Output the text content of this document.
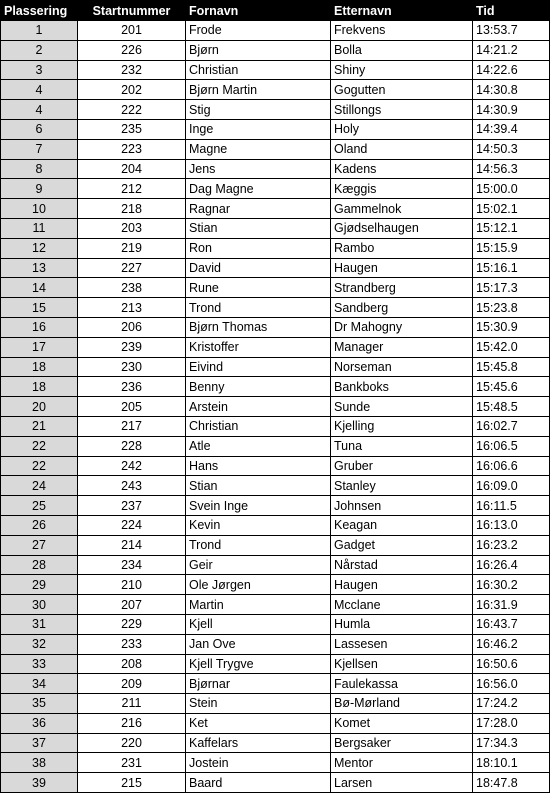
Plassering	Startnummer	Fornavn	Etternavn	Tid
1	201	Frode	Frekvens	13:53.7
2	226	Bjørn	Bolla	14:21.2
3	232	Christian	Shiny	14:22.6
4	202	Bjørn Martin	Gogutten	14:30.8
4	222	Stig	Stillongs	14:30.9
6	235	Inge	Holy	14:39.4
7	223	Magne	Oland	14:50.3
8	204	Jens	Kadens	14:56.3
9	212	Dag Magne	Kæggis	15:00.0
10	218	Ragnar	Gammelnok	15:02.1
11	203	Stian	Gjødselhaugen	15:12.1
12	219	Ron	Rambo	15:15.9
13	227	David	Haugen	15:16.1
14	238	Rune	Strandberg	15:17.3
15	213	Trond	Sandberg	15:23.8
16	206	Bjørn Thomas	Dr Mahogny	15:30.9
17	239	Kristoffer	Manager	15:42.0
18	230	Eivind	Norseman	15:45.8
18	236	Benny	Bankboks	15:45.6
20	205	Arstein	Sunde	15:48.5
21	217	Christian	Kjelling	16:02.7
22	228	Atle	Tuna	16:06.5
22	242	Hans	Gruber	16:06.6
24	243	Stian	Stanley	16:09.0
25	237	Svein Inge	Johnsen	16:11.5
26	224	Kevin	Keagan	16:13.0
27	214	Trond	Gadget	16:23.2
28	234	Geir	Nårstad	16:26.4
29	210	Ole Jørgen	Haugen	16:30.2
30	207	Martin	Mcclane	16:31.9
31	229	Kjell	Humla	16:43.7
32	233	Jan Ove	Lassesen	16:46.2
33	208	Kjell Trygve	Kjellsen	16:50.6
34	209	Bjørnar	Faulekassa	16:56.0
35	211	Stein	Bø-Mørland	17:24.2
36	216	Ket	Komet	17:28.0
37	220	Kaffelars	Bergsaker	17:34.3
38	231	Jostein	Mentor	18:10.1
39	215	Baard	Larsen	18:47.8
